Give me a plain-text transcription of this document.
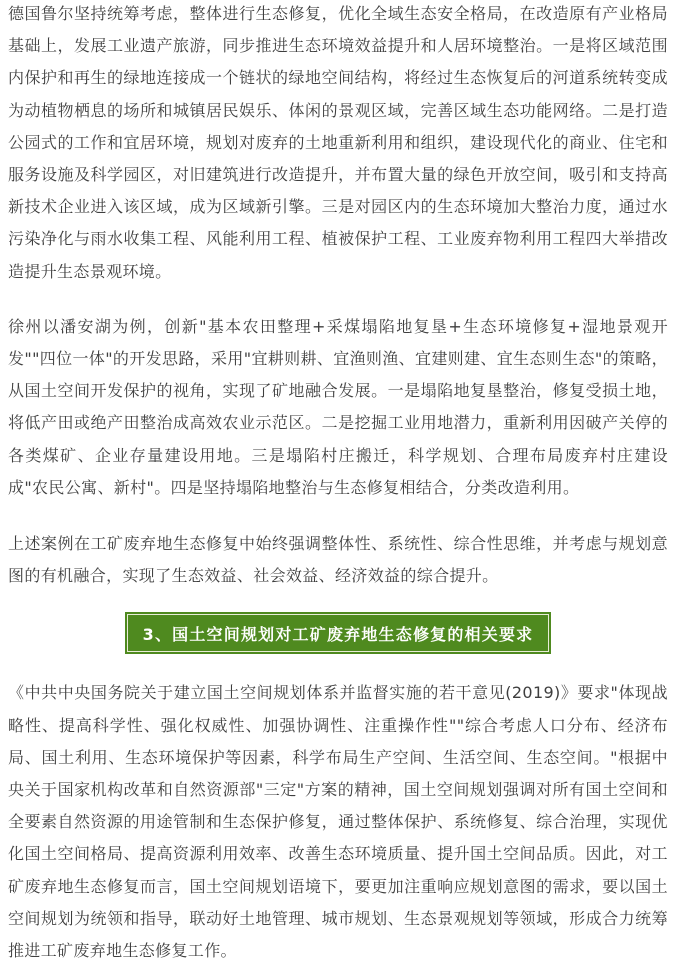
德国鲁尔坚持统筹考虑，整体进行生态修复，优化全域生态安全格局，在改造原有产业格局基础上，发展工业遗产旅游，同步推进生态环境效益提升和人居环境整治。一是将区域范围内保护和再生的绿地连接成一个链状的绿地空间结构，将经过生态恢复后的河道系统转变成为动植物栖息的场所和城镇居民娱乐、体闲的景观区域，完善区域生态功能网络。二是打造公园式的工作和宜居环境，规划对废弃的土地重新利用和组织，建设现代化的商业、住宅和服务设施及科学园区，对旧建筑进行改造提升，并布置大量的绿色开放空间，吸引和支持高新技术企业进入该区域，成为区域新引擎。三是对园区内的生态环境加大整治力度，通过水污染净化与雨水收集工程、风能利用工程、植被保护工程、工业废弃物利用工程四大举措改造提升生态景观环境。

徐州以潘安湖为例，创新"基本农田整理+采煤塌陷地复垦+生态环境修复+湿地景观开发""四位一体"的开发思路，采用"宜耕则耕、宜渔则渔、宜建则建、宜生态则生态"的策略，从国土空间开发保护的视角，实现了矿地融合发展。一是塌陷地复垦整治，修复受损土地，将低产田或绝产田整治成高效农业示范区。二是挖掘工业用地潜力，重新利用因破产关停的各类煤矿、企业存量建设用地。三是塌陷村庄搬迁，科学规划、合理布局废弃村庄建设成"农民公寓、新村"。四是坚持塌陷地整治与生态修复相结合，分类改造利用。

上述案例在工矿废弃地生态修复中始终强调整体性、系统性、综合性思维，并考虑与规划意图的有机融合，实现了生态效益、社会效益、经济效益的综合提升。

3、国土空间规划对工矿废弃地生态修复的相关要求

《中共中央国务院关于建立国土空间规划体系并监督实施的若干意见(2019)》要求"体现战略性、提高科学性、强化权威性、加强协调性、注重操作性""综合考虑人口分布、经济布局、国土利用、生态环境保护等因素，科学布局生产空间、生活空间、生态空间。"根据中央关于国家机构改革和自然资源部"三定"方案的精神，国土空间规划强调对所有国土空间和全要素自然资源的用途管制和生态保护修复，通过整体保护、系统修复、综合治理，实现优化国土空间格局、提高资源利用效率、改善生态环境质量、提升国土空间品质。因此，对工矿废弃地生态修复而言，国土空间规划语境下，要更加注重响应规划意图的需求，要以国土空间规划为统领和指导，联动好土地管理、城市规划、生态景观规划等领域，形成合力统筹推进工矿废弃地生态修复工作。
